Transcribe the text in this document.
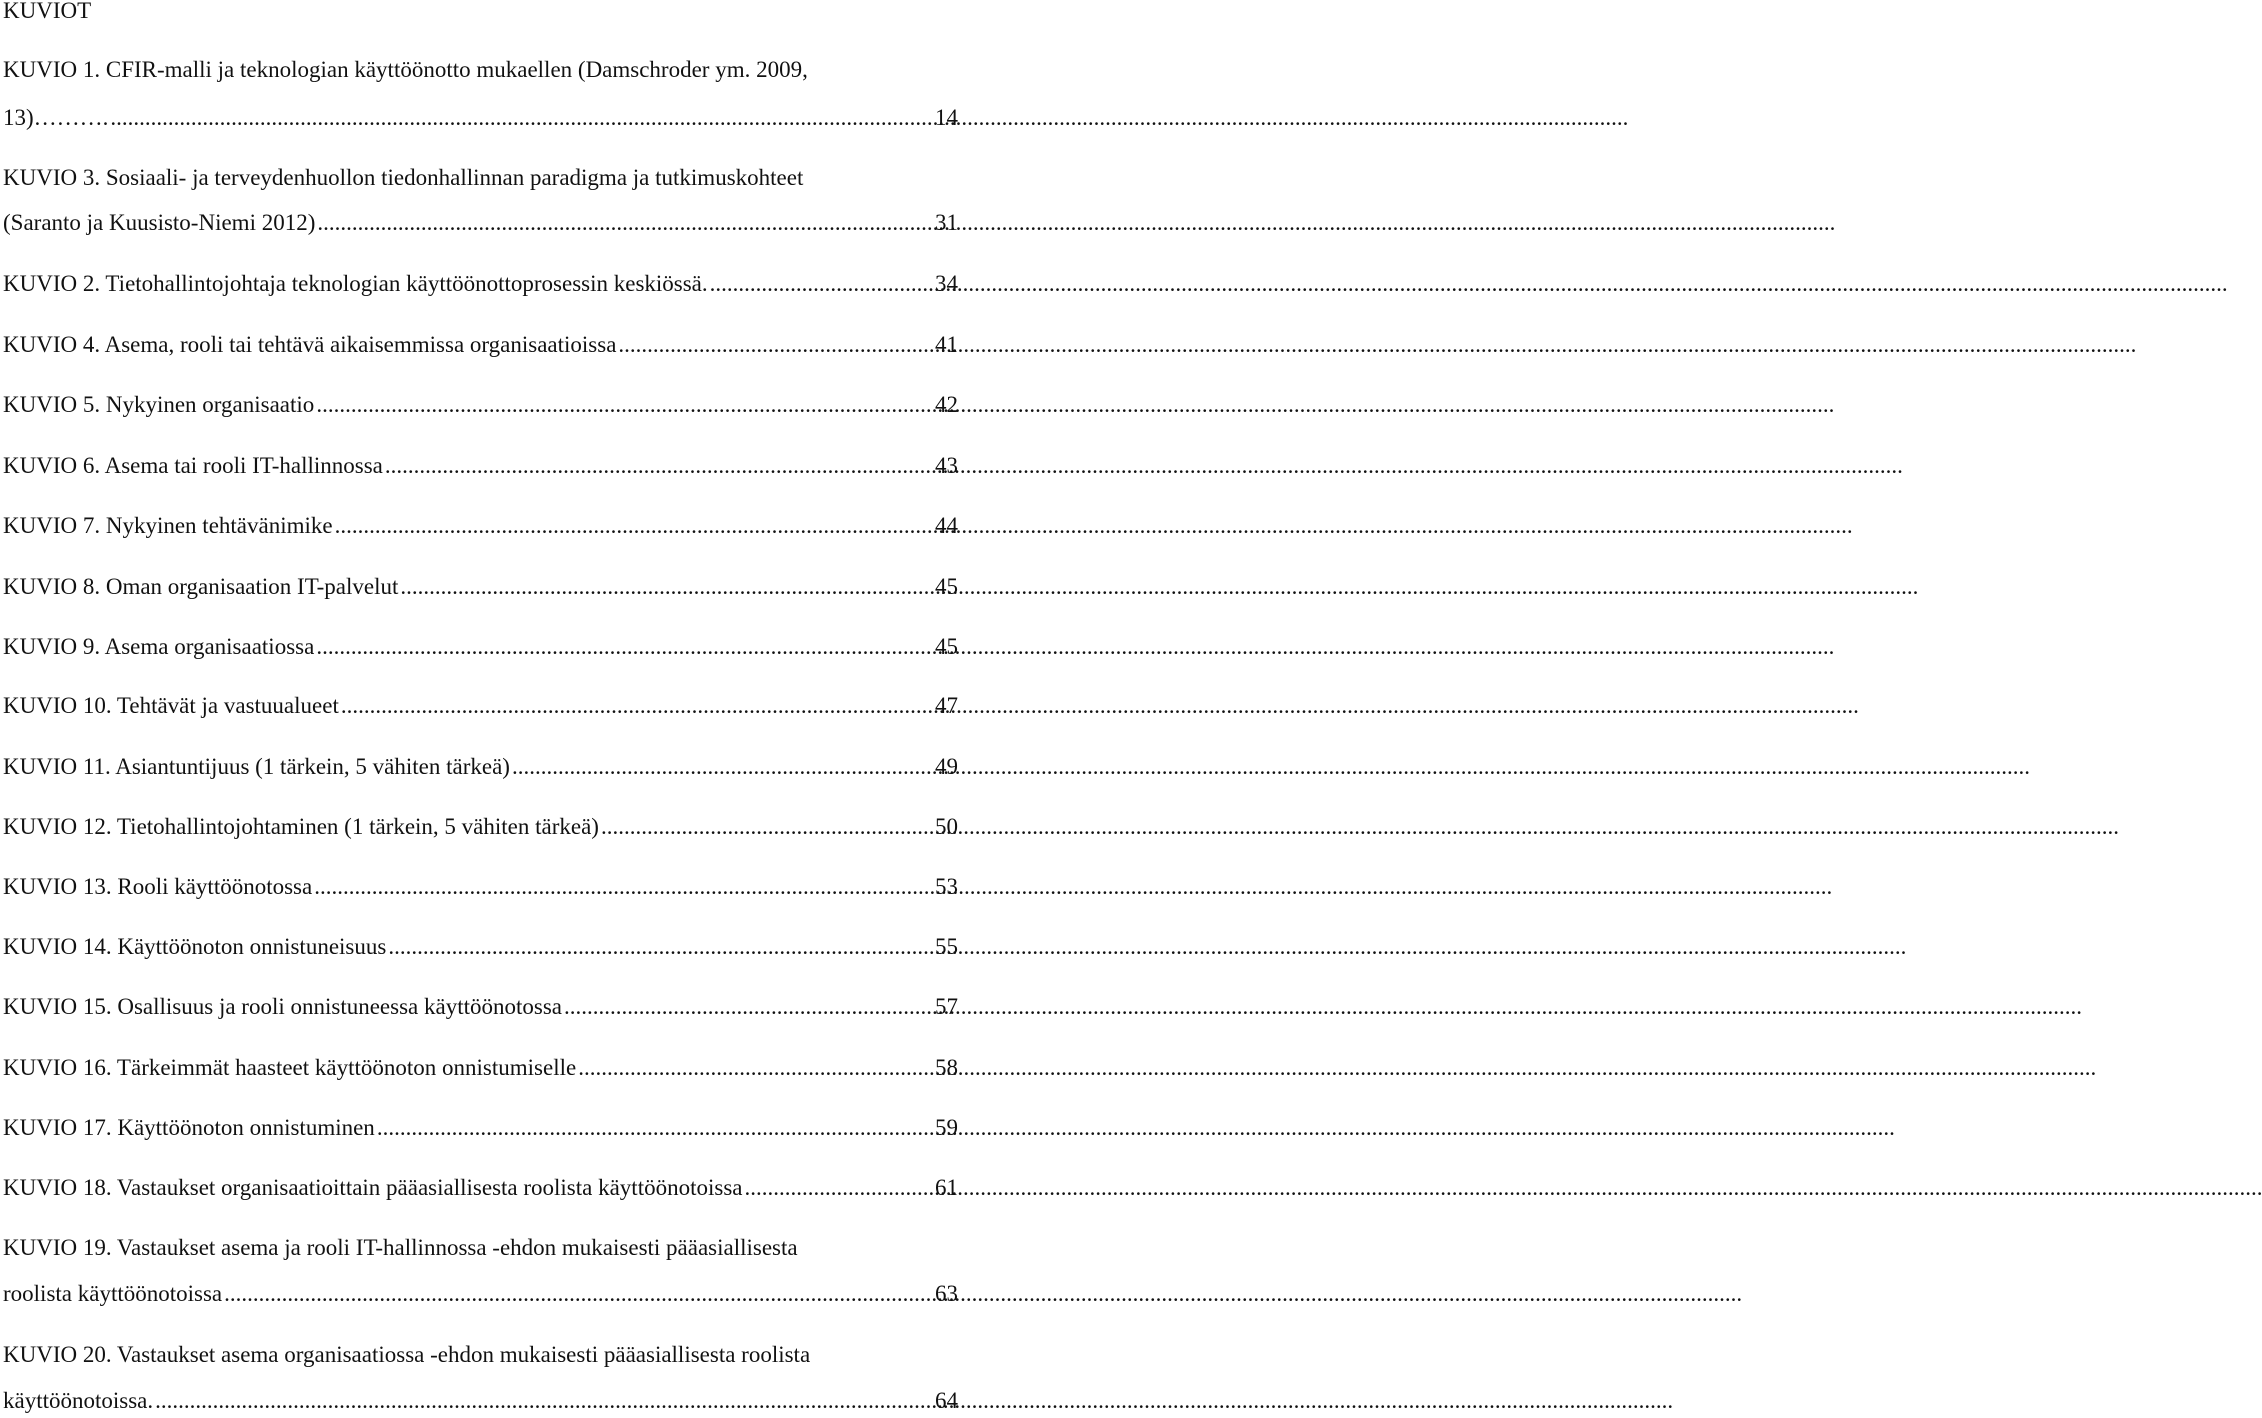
KUVIOT
KUVIO 1. CFIR-malli ja teknologian käyttöönotto mukaellen (Damschroder ym. 2009,
13)………. .....	14
KUVIO 3. Sosiaali- ja terveydenhuollon tiedonhallinnan paradigma ja tutkimuskohteet
(Saranto ja Kuusisto-Niemi 2012) .....	31
KUVIO 2. Tietohallintojohtaja teknologian käyttöönottoprosessin keskiössä. .....	34
KUVIO 4. Asema, rooli tai tehtävä aikaisemmissa organisaatioissa .....	41
KUVIO 5. Nykyinen organisaatio .....	42
KUVIO 6. Asema tai rooli IT-hallinnossa .....	43
KUVIO 7. Nykyinen tehtävänimike .....	44
KUVIO 8. Oman organisaation IT-palvelut .....	45
KUVIO 9. Asema organisaatiossa .....	45
KUVIO 10. Tehtävät ja vastuualueet .....	47
KUVIO 11. Asiantuntijuus (1 tärkein, 5 vähiten tärkeä) .....	49
KUVIO 12. Tietohallintojohtaminen (1 tärkein, 5 vähiten tärkeä) .....	50
KUVIO 13. Rooli käyttöönotossa .....	53
KUVIO 14. Käyttöönoton onnistuneisuus .....	55
KUVIO 15. Osallisuus ja rooli onnistuneessa käyttöönotossa .....	57
KUVIO 16. Tärkeimmät haasteet käyttöönoton onnistumiselle .....	58
KUVIO 17. Käyttöönoton onnistuminen .....	59
KUVIO 18. Vastaukset organisaatioittain pääasiallisesta roolista käyttöönotoissa .....	61
KUVIO 19. Vastaukset asema ja rooli IT-hallinnossa -ehdon mukaisesti pääasiallisesta
roolista käyttöönotoissa .....	63
KUVIO 20. Vastaukset asema organisaatiossa -ehdon mukaisesti pääasiallisesta roolista
käyttöönotoissa. .....	64
